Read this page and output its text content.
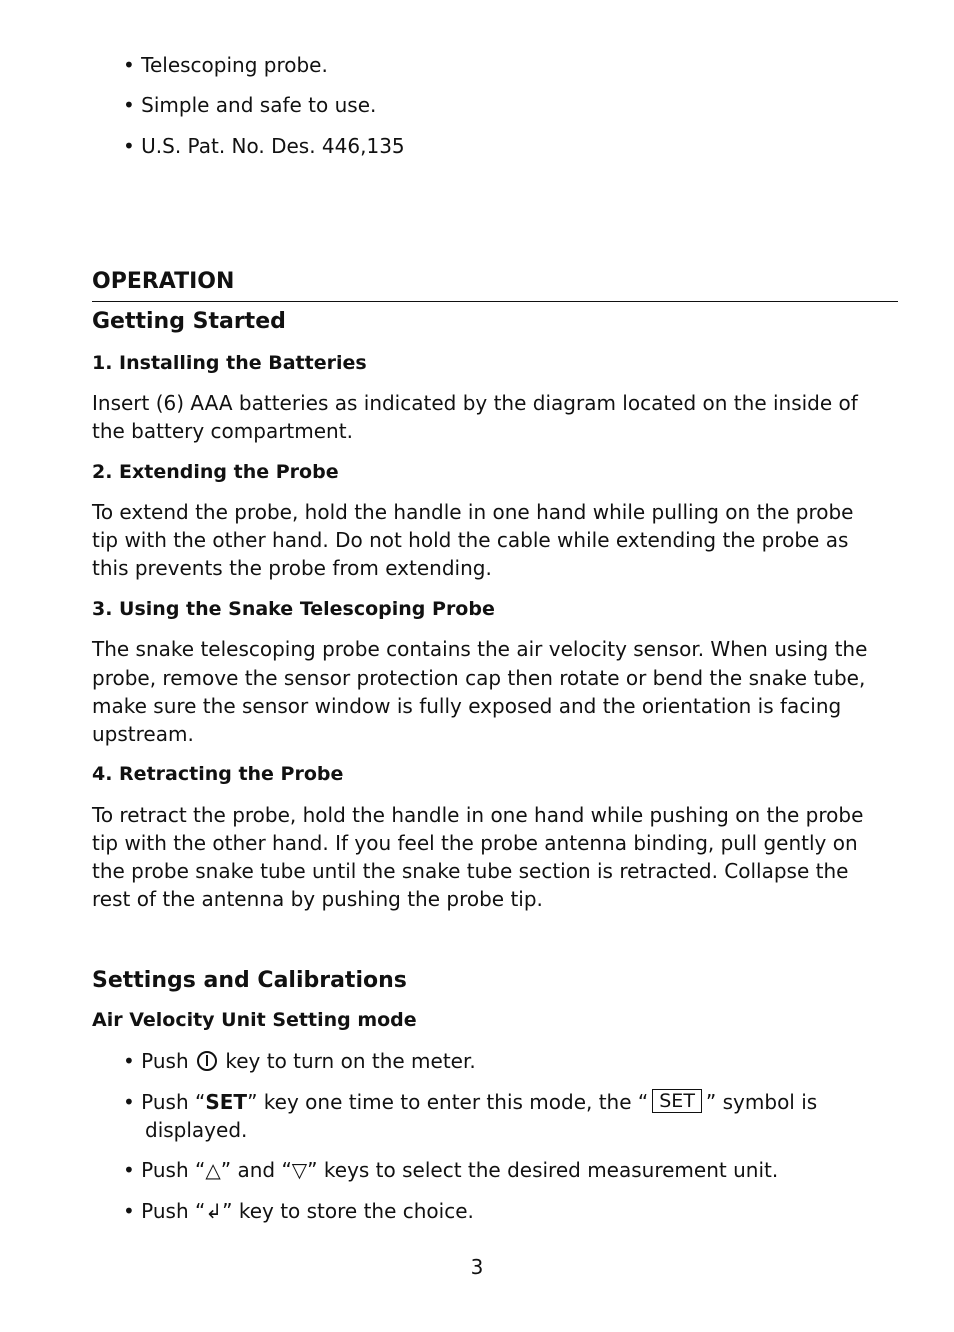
• Telescoping probe.
• Simple and safe to use.
• U.S. Pat. No. Des. 446,135
OPERATION
Getting Started
1. Installing the Batteries
Insert (6) AAA batteries as indicated by the diagram located on the inside of
the battery compartment.
2. Extending the Probe
To extend the probe, hold the handle in one hand while pulling on the probe
tip with the other hand. Do not hold the cable while extending the probe as
this prevents the probe from extending.
3. Using the Snake Telescoping Probe
The snake telescoping probe contains the air velocity sensor. When using the
probe, remove the sensor protection cap then rotate or bend the snake tube,
make sure the sensor window is fully exposed and the orientation is facing
upstream.
4. Retracting the Probe
To retract the probe, hold the handle in one hand while pushing on the probe
tip with the other hand. If you feel the probe antenna binding, pull gently on
the probe snake tube until the snake tube section is retracted. Collapse the
rest of the antenna by pushing the probe tip.
Settings and Calibrations
Air Velocity Unit Setting mode
• Push key to turn on the meter.
• Push “SET” key one time to enter this mode, the “ SET ” symbol is
displayed.
• Push “△” and “▽” keys to select the desired measurement unit.
• Push “↲” key to store the choice.
3
